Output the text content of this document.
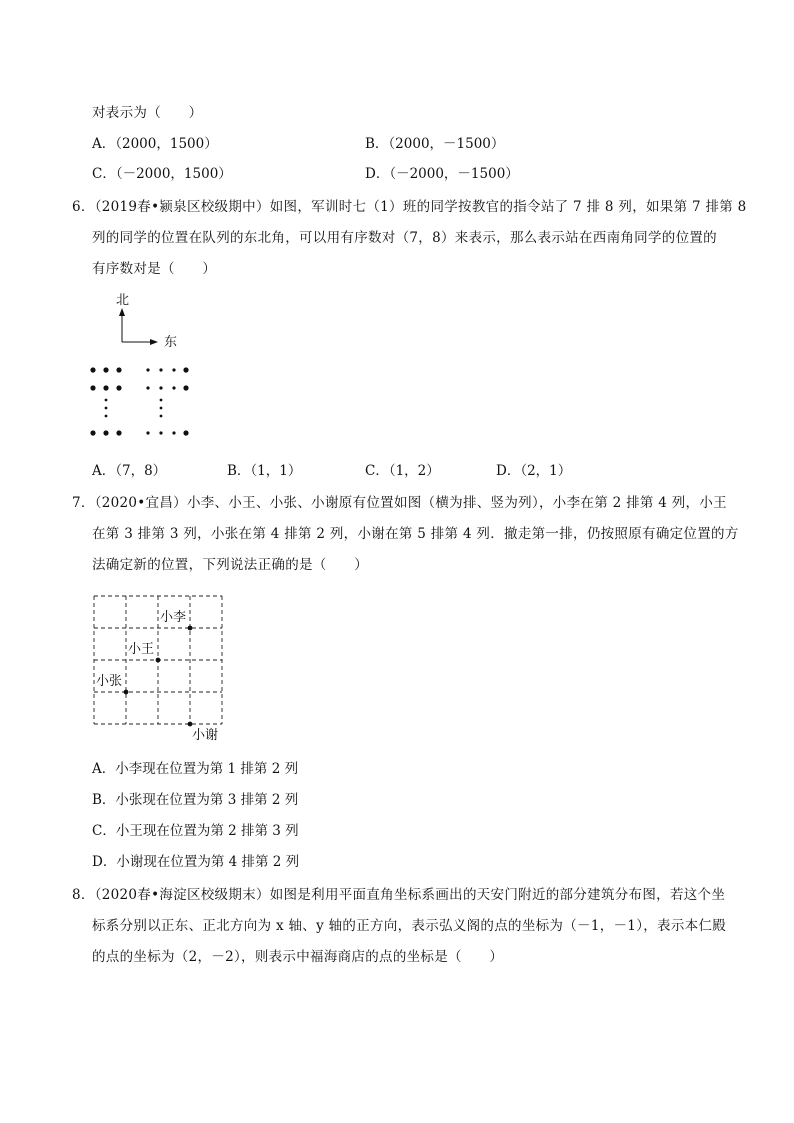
对表示为（　　）
A．（2000，1500）	B．（2000，－1500）
C．（－2000，1500）	D．（－2000，－1500）
6．（2019春•颍泉区校级期中）如图，军训时七（1）班的同学按教官的指令站了 7 排 8 列，如果第 7 排第 8
列的同学的位置在队列的东北角，可以用有序数对（7，8）来表示，那么表示站在西南角同学的位置的
有序数对是（　　）
北
东
A．（7，8）	B．（1，1）	C．（1，2）	D．（2，1）
7．（2020•宜昌）小李、小王、小张、小谢原有位置如图（横为排、竖为列），小李在第 2 排第 4 列，小王
在第 3 排第 3 列，小张在第 4 排第 2 列，小谢在第 5 排第 4 列．撤走第一排，仍按照原有确定位置的方
法确定新的位置，下列说法正确的是（　　）
小李
小王
小张
小谢
A．小李现在位置为第 1 排第 2 列
B．小张现在位置为第 3 排第 2 列
C．小王现在位置为第 2 排第 3 列
D．小谢现在位置为第 4 排第 2 列
8．（2020春•海淀区校级期末）如图是利用平面直角坐标系画出的天安门附近的部分建筑分布图，若这个坐
标系分别以正东、正北方向为 x 轴、y 轴的正方向，表示弘义阁的点的坐标为（－1，－1），表示本仁殿
的点的坐标为（2，－2），则表示中福海商店的点的坐标是（　　）
